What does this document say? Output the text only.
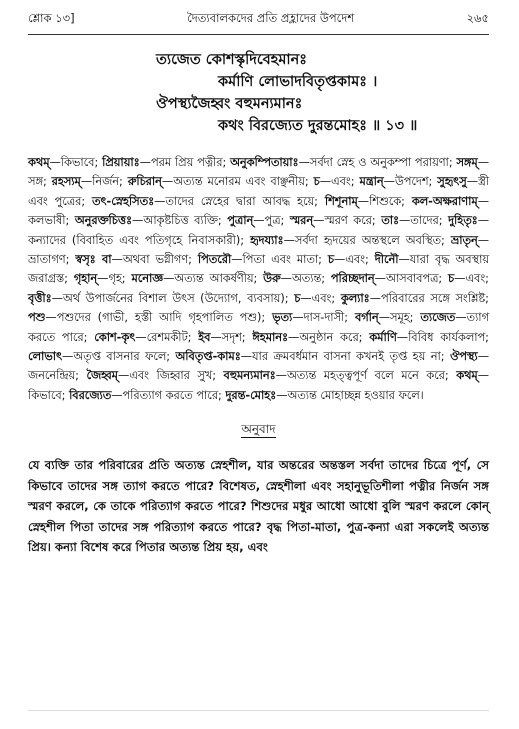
শ্লোক ১৩]	দৈত্যবালকদের প্রতি প্রহ্লাদের উপদেশ	২৬৫
ত্যজেত কোশস্কৃদিবেহমানঃ
কর্মাণি লোভাদবিতৃপ্তকামঃ ।
ঔপস্থ্যজৈহ্বং বহুমন্যমানঃ
কথং বিরজ্যেত দুরন্তমোহঃ ॥ ১৩ ॥
কথম্—কিভাবে; প্রিয়ায়াঃ—পরম প্রিয় পত্নীর; অনুকম্পিতায়াঃ—সর্বদা স্নেহ ও অনুকম্পা পরায়ণা; সঙ্গম্—সঙ্গ; রহস্যম্—নির্জন; রুচিরান্—অত্যন্ত মনোরম এবং বাঞ্ছনীয়; চ—এবং; মন্ত্রান্—উপদেশ; সুহৃৎসু—স্ত্রী এবং পুত্রের; তৎ-স্নেহসিতঃ—তাদের স্নেহের দ্বারা আবদ্ধ হয়ে; শিশূনাম্—শিশুকে; কল-অক্ষরাণাম্—কলভাষী; অনুরক্তচিত্তঃ—আকৃষ্টচিত্ত ব্যক্তি; পুত্রান্—পুত্র; স্মরন্—স্মরণ করে; তাঃ—তাদের; দুহিতৃঃ—কন্যাদের (বিবাহিত এবং পতিগৃহে নিবাসকারী); হৃদয্যাঃ—সর্বদা হৃদয়ের অন্তস্থলে অবস্থিত; ভ্রাতৃন্—ভ্রাতাগণ; স্বসৃঃ বা—অথবা ভগ্নীগণ; পিতরৌ—পিতা এবং মাতা; চ—এবং; দীনৌ—যারা বৃদ্ধ অবস্থায় জরাগ্রস্ত; গৃহান্—গৃহ; মনোজ্ঞ—অত্যন্ত আকর্ষণীয়; উরু—অত্যন্ত; পরিচ্ছদান্—আসবাবপত্র; চ—এবং; বৃত্তীঃ—অর্থ উপার্জনের বিশাল উৎস (উদ্যোগ, ব্যবসায়); চ—এবং; কুল্যাঃ—পরিবারের সঙ্গে সংশ্লিষ্ট; পশু—পশুদের (গাভী, হস্তী আদি গৃহপালিত পশু); ভৃত্য—দাস-দাসী; বর্গান্—সমূহ; ত্যজেত—ত্যাগ করতে পারে; কোশ-কৃৎ—রেশমকীট; ইব—সদৃশ; ঈহমানঃ—অনুষ্ঠান করে; কর্মাণি—বিবিধ কার্যকলাপ; লোভাৎ—অতৃপ্ত বাসনার ফলে; অবিতৃপ্ত-কামঃ—যার ক্রমবর্ধমান বাসনা কখনই তৃপ্ত হয় না; ঔপস্থ্য—জননেন্দ্রিয়; জৈহ্বম্—এবং জিহ্বার সুখ; বহুমন্যমানঃ—অত্যন্ত মহত্ত্বপূর্ণ বলে মনে করে; কথম্—কিভাবে; বিরজ্যেত—পরিত্যাগ করতে পারে; দুরন্ত-মোহঃ—অত্যন্ত মোহাচ্ছন্ন হওয়ার ফলে।
অনুবাদ
যে ব্যক্তি তার পরিবারের প্রতি অত্যন্ত স্নেহশীল, যার অন্তরের অন্তস্তল সর্বদা তাদের চিত্রে পূর্ণ, সে কিভাবে তাদের সঙ্গ ত্যাগ করতে পারে? বিশেষত, স্নেহশীলা এবং সহানুভূতিশীলা পত্নীর নির্জন সঙ্গ স্মরণ করলে, কে তাকে পরিত্যাগ করতে পারে? শিশুদের মধুর আধো আধো বুলি স্মরণ করলে কোন্ স্নেহশীল পিতা তাদের সঙ্গ পরিত্যাগ করতে পারে? বৃদ্ধ পিতা-মাতা, পুত্র-কন্যা এরা সকলেই অত্যন্ত প্রিয়। কন্যা বিশেষ করে পিতার অত্যন্ত প্রিয় হয়, এবং
